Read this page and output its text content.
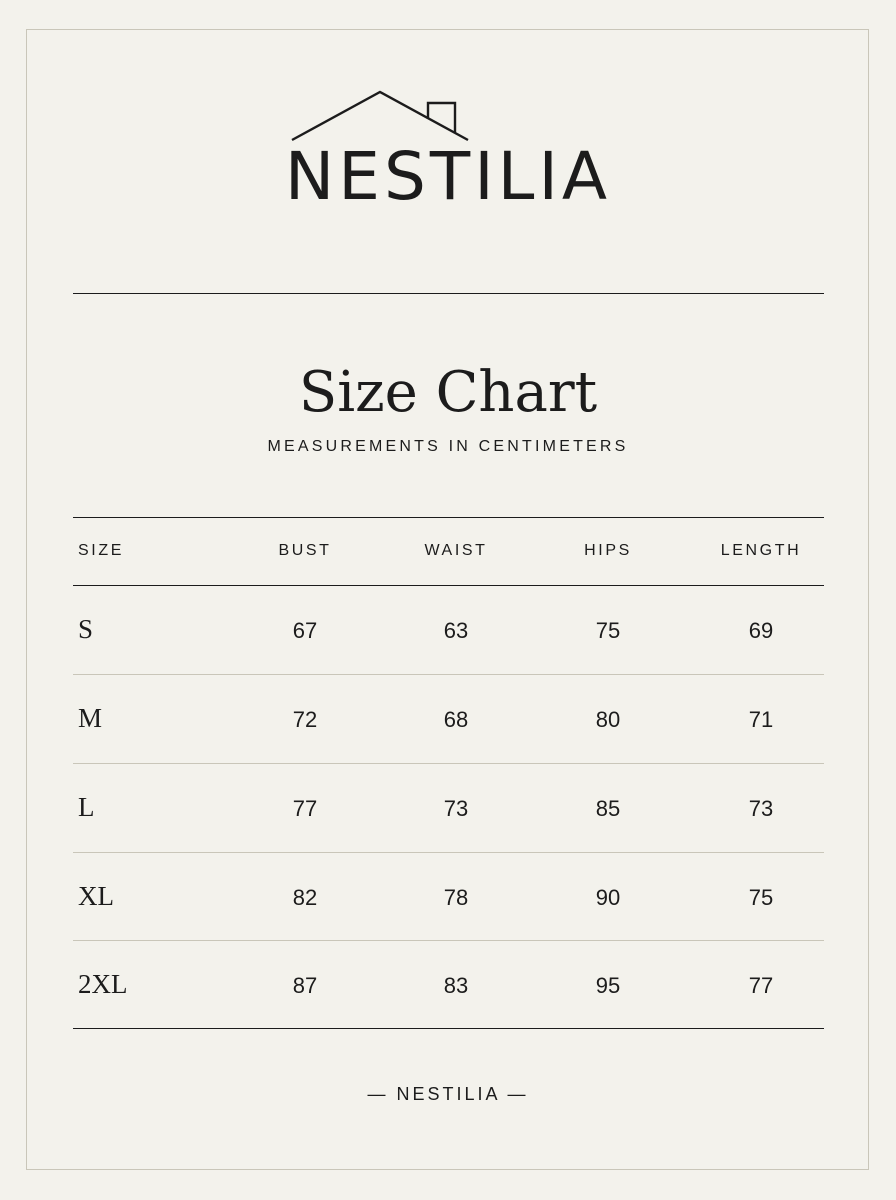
NESTILIA
Size Chart
MEASUREMENTS IN CENTIMETERS
SIZE	BUST	WAIST	HIPS	LENGTH
S	67	63	75	69
M	72	68	80	71
L	77	73	85	73
XL	82	78	90	75
2XL	87	83	95	77
— NESTILIA —
